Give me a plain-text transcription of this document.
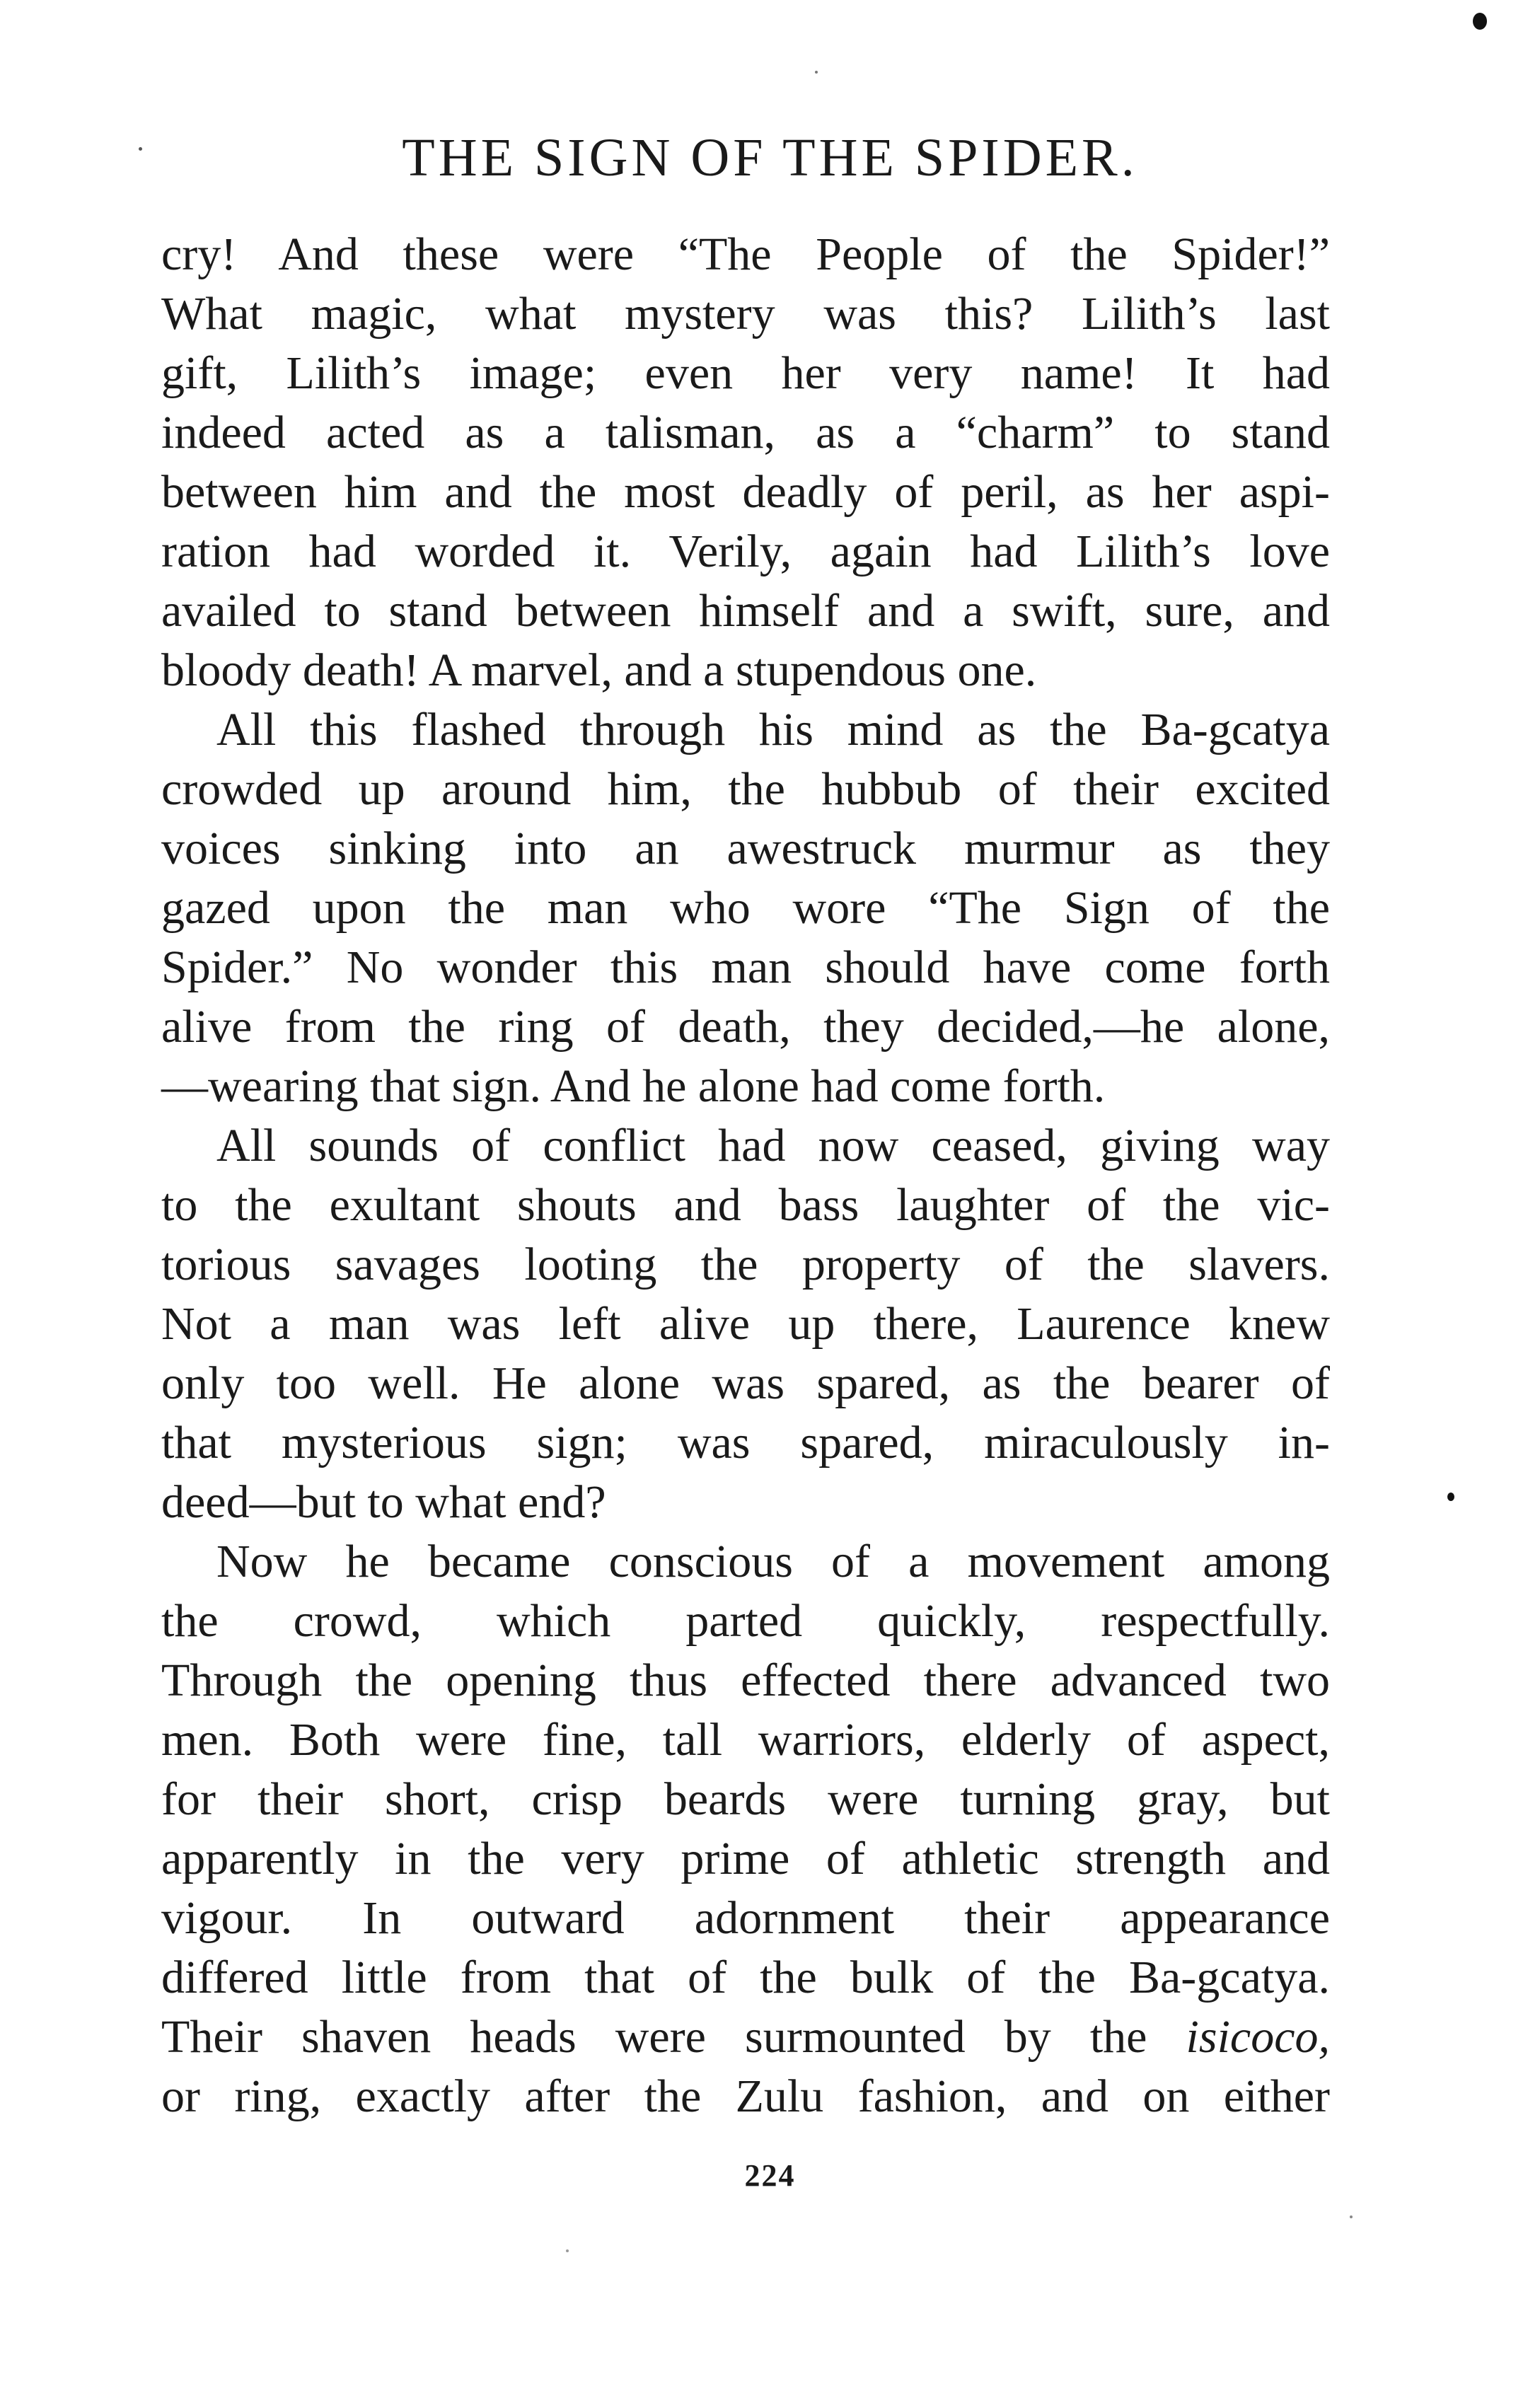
THE SIGN OF THE SPIDER.

cry! And these were “The People of the Spider!”
What magic, what mystery was this? Lilith’s last
gift, Lilith’s image; even her very name! It had
indeed acted as a talisman, as a “charm” to stand
between him and the most deadly of peril, as her aspi-
ration had worded it. Verily, again had Lilith’s love
availed to stand between himself and a swift, sure, and
bloody death! A marvel, and a stupendous one.

All this flashed through his mind as the Ba-gcatya
crowded up around him, the hubbub of their excited
voices sinking into an awestruck murmur as they
gazed upon the man who wore “The Sign of the
Spider.” No wonder this man should have come forth
alive from the ring of death, they decided,—he alone,
—wearing that sign. And he alone had come forth.

All sounds of conflict had now ceased, giving way
to the exultant shouts and bass laughter of the vic-
torious savages looting the property of the slavers.
Not a man was left alive up there, Laurence knew
only too well. He alone was spared, as the bearer of
that mysterious sign; was spared, miraculously in-
deed—but to what end?

Now he became conscious of a movement among
the crowd, which parted quickly, respectfully.
Through the opening thus effected there advanced two
men. Both were fine, tall warriors, elderly of aspect,
for their short, crisp beards were turning gray, but
apparently in the very prime of athletic strength and
vigour. In outward adornment their appearance
differed little from that of the bulk of the Ba-gcatya.
Their shaven heads were surmounted by the isicoco,
or ring, exactly after the Zulu fashion, and on either

224
